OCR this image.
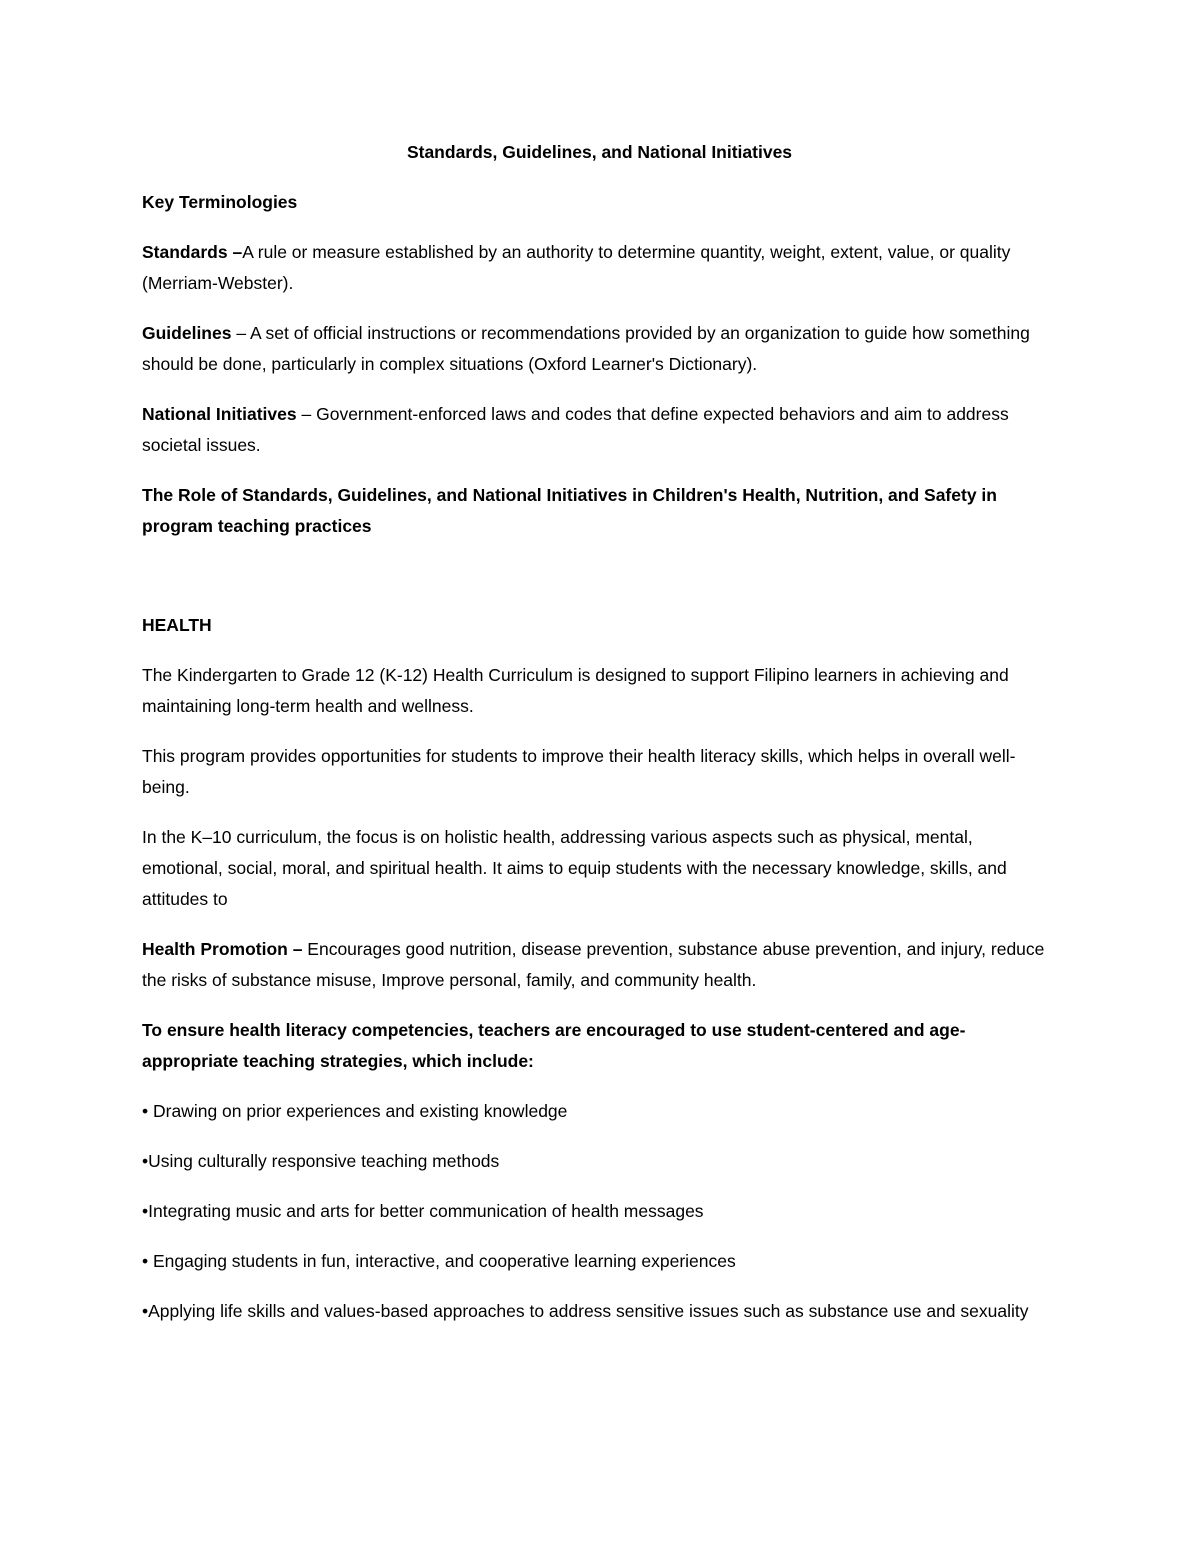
Standards, Guidelines, and National Initiatives
Key Terminologies
Standards –A rule or measure established by an authority to determine quantity, weight, extent, value, or quality (Merriam-Webster).
Guidelines – A set of official instructions or recommendations provided by an organization to guide how something should be done, particularly in complex situations (Oxford Learner's Dictionary).
National Initiatives – Government-enforced laws and codes that define expected behaviors and aim to address societal issues.
The Role of Standards, Guidelines, and National Initiatives in Children's Health, Nutrition, and Safety in program teaching practices
HEALTH
The Kindergarten to Grade 12 (K-12) Health Curriculum is designed to support Filipino learners in achieving and maintaining long-term health and wellness.
This program provides opportunities for students to improve their health literacy skills, which helps in overall well-being.
In the K–10 curriculum, the focus is on holistic health, addressing various aspects such as physical, mental, emotional, social, moral, and spiritual health. It aims to equip students with the necessary knowledge, skills, and attitudes to
Health Promotion – Encourages good nutrition, disease prevention, substance abuse prevention, and injury, reduce the risks of substance misuse, Improve personal, family, and community health.
To ensure health literacy competencies, teachers are encouraged to use student-centered and age-appropriate teaching strategies, which include:
• Drawing on prior experiences and existing knowledge
•Using culturally responsive teaching methods
•Integrating music and arts for better communication of health messages
• Engaging students in fun, interactive, and cooperative learning experiences
•Applying life skills and values-based approaches to address sensitive issues such as substance use and sexuality
